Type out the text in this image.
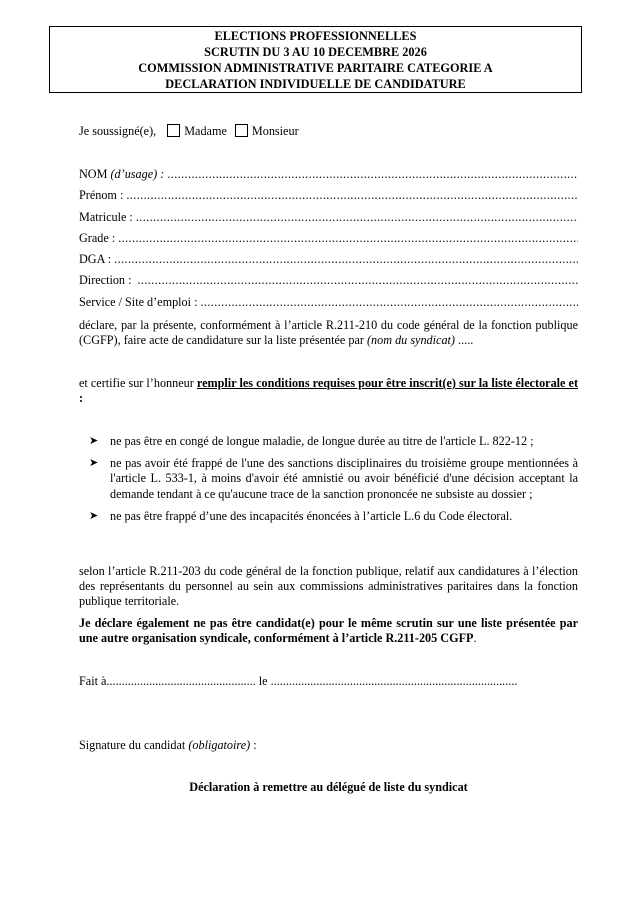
ELECTIONS PROFESSIONNELLES
SCRUTIN DU 3 AU 10 DECEMBRE 2026
COMMISSION ADMINISTRATIVE PARITAIRE CATEGORIE A
DECLARATION INDIVIDUELLE DE CANDIDATURE
Je soussigné(e), Madame Monsieur
NOM
(d’usage) :
.....
Prénom :
.....
Matricule :
.....
Grade :
.....
DGA :
.....
Direction :
.....
Service / Site d’emploi :
.....
déclare, par la présente, conformément à l’article R.211-210 du code général de la fonction publique (CGFP), faire acte de candidature sur la liste présentée par (nom du syndicat) .....
et certifie sur l’honneur remplir les conditions requises pour être inscrit(e) sur la liste électorale et :
➤ ne pas être en congé de longue maladie, de longue durée au titre de l'article L. 822-12 ;
➤ ne pas avoir été frappé de l'une des sanctions disciplinaires du troisième groupe mentionnées à l'article L. 533-1, à moins d'avoir été amnistié ou avoir bénéficié d'une décision acceptant la demande tendant à ce qu'aucune trace de la sanction prononcée ne subsiste au dossier ;
➤ ne pas être frappé d’une des incapacités énoncées à l’article L.6 du Code électoral.
selon l’article R.211-203 du code général de la fonction publique, relatif aux candidatures à l’élection des représentants du personnel au sein aux commissions administratives paritaires dans la fonction publique territoriale.
Je déclare également ne pas être candidat(e) pour le même scrutin sur une liste présentée par une autre organisation syndicale, conformément à l’article R.211-205 CGFP.
Fait à................................................. le .................................................................................
Signature du candidat (obligatoire) :
Déclaration à remettre au délégué de liste du syndicat
